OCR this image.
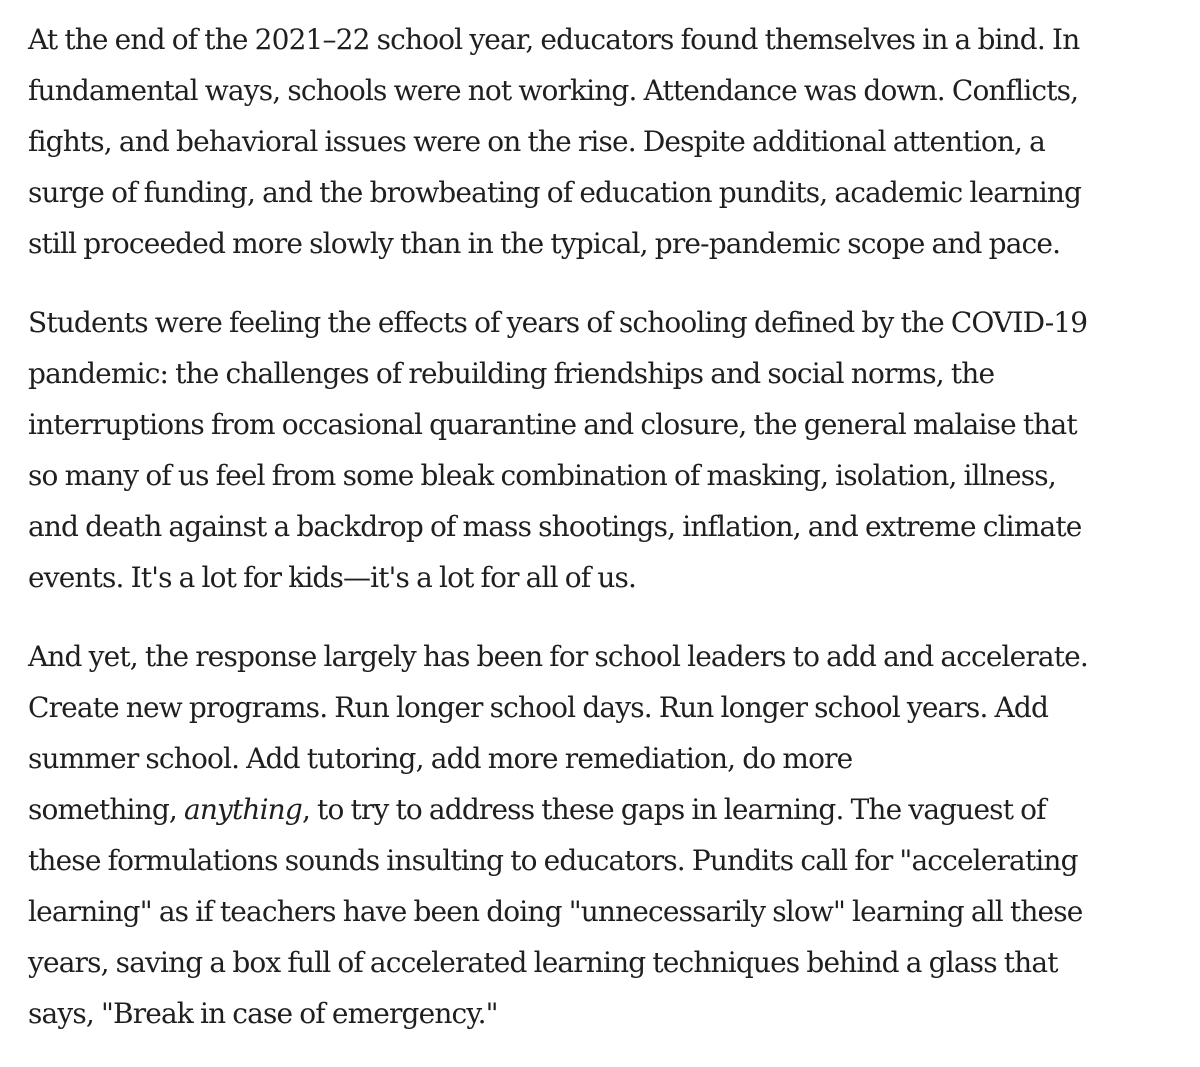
At the end of the 2021–22 school year, educators found themselves in a bind. In
fundamental ways, schools were not working. Attendance was down. Conflicts,
fights, and behavioral issues were on the rise. Despite additional attention, a
surge of funding, and the browbeating of education pundits, academic learning
still proceeded more slowly than in the typical, pre-pandemic scope and pace.

Students were feeling the effects of years of schooling defined by the COVID-19
pandemic: the challenges of rebuilding friendships and social norms, the
interruptions from occasional quarantine and closure, the general malaise that
so many of us feel from some bleak combination of masking, isolation, illness,
and death against a backdrop of mass shootings, inflation, and extreme climate
events. It's a lot for kids—it's a lot for all of us.

And yet, the response largely has been for school leaders to add and accelerate.
Create new programs. Run longer school days. Run longer school years. Add
summer school. Add tutoring, add more remediation, do more
something, anything, to try to address these gaps in learning. The vaguest of
these formulations sounds insulting to educators. Pundits call for "accelerating
learning" as if teachers have been doing "unnecessarily slow" learning all these
years, saving a box full of accelerated learning techniques behind a glass that
says, "Break in case of emergency."
